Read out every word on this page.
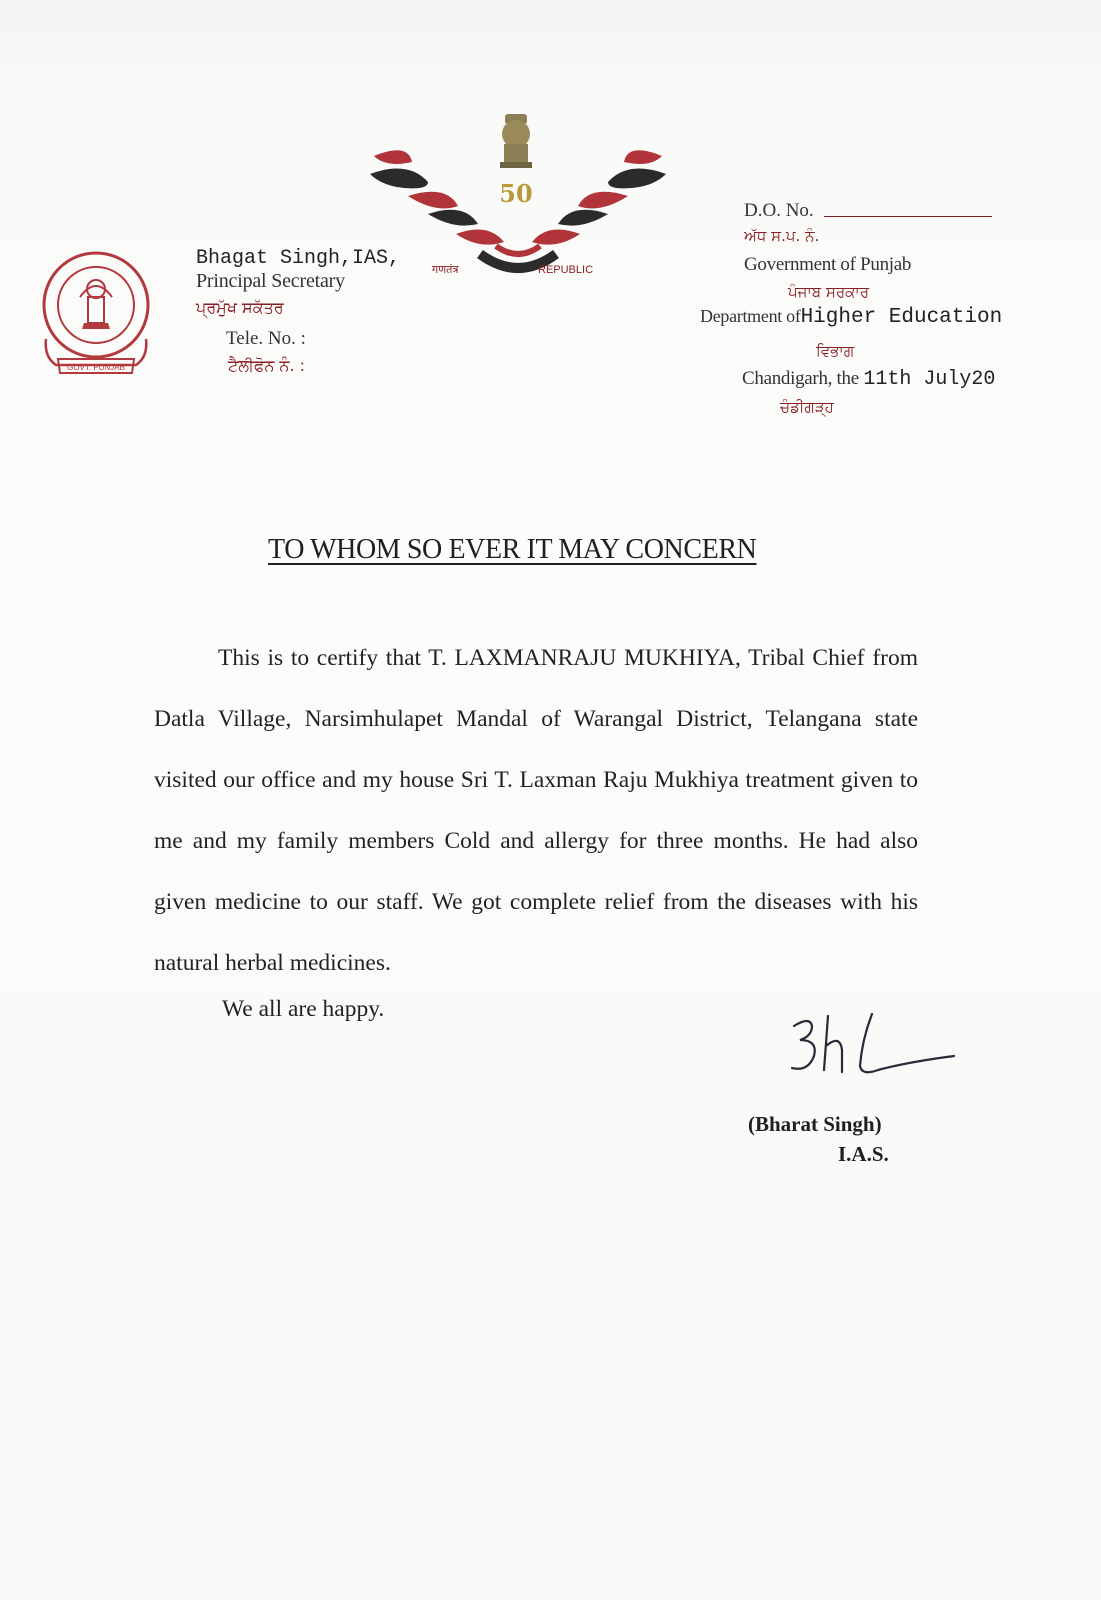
GOVT. PUNJAB
50
गणतंत्र	REPUBLIC
Bhagat Singh,IAS,
Principal Secretary
ਪ੍ਰਮੁੱਖ ਸਕੱਤਰ
Tele. No. :
ਟੈਲੀਫੋਨ ਨੰ. :
D.O. No.
ਅੱਧ ਸ.ਪ. ਨੰ.
Government of Punjab
ਪੰਜਾਬ ਸਰਕਾਰ
Department ofHigher Education
ਵਿਭਾਗ
Chandigarh, the 11th July20
ਚੰਡੀਗੜ੍ਹ
TO WHOM SO EVER IT MAY CONCERN
This is to certify that T. LAXMANRAJU MUKHIYA, Tribal Chief from Datla Village, Narsimhulapet Mandal of Warangal District, Telangana state visited our office and my house Sri T. Laxman Raju Mukhiya treatment given to me and my family members Cold and allergy for three months. He had also given medicine to our staff. We got complete relief from the diseases with his natural herbal medicines.
We all are happy.
(Bharat Singh)
I.A.S.
